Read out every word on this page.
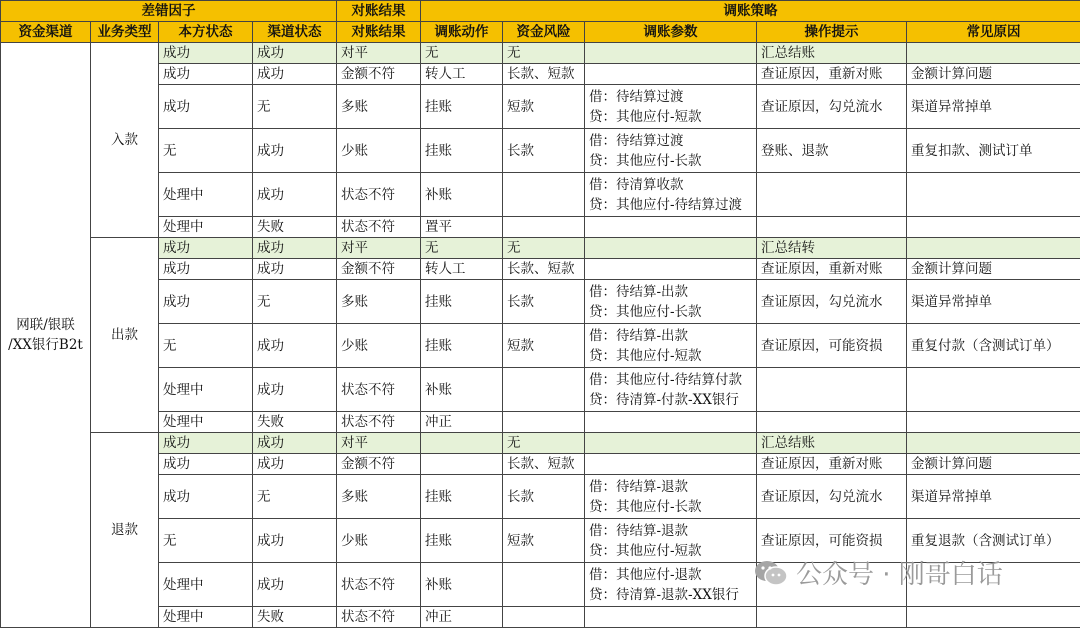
差错因子				对账结果	调账策略				
资金渠道	业务类型	本方状态	渠道状态	对账结果	调账动作	资金风险	调账参数	操作提示	常见原因
网联/银联
/XX银行B2t	入款	成功	成功	对平	无	无		汇总结账	
		成功	成功	金额不符	转人工	长款、短款		查证原因，重新对账	金额计算问题
		成功	无	多账	挂账	短款	借：待结算过渡
贷：其他应付-短款	查证原因，勾兑流水	渠道异常掉单
		无	成功	少账	挂账	长款	借：待结算过渡
贷：其他应付-长款	登账、退款	重复扣款、测试订单
		处理中	成功	状态不符	补账		借：待清算收款
贷：其他应付-待结算过渡		
		处理中	失败	状态不符	置平				
	出款	成功	成功	对平	无	无		汇总结转	
		成功	成功	金额不符	转人工	长款、短款		查证原因，重新对账	金额计算问题
		成功	无	多账	挂账	长款	借：待结算-出款
贷：其他应付-长款	查证原因，勾兑流水	渠道异常掉单
		无	成功	少账	挂账	短款	借：待结算-出款
贷：其他应付-短款	查证原因，可能资损	重复付款（含测试订单）
		处理中	成功	状态不符	补账		借：其他应付-待结算付款
贷：待清算-付款-XX银行		
		处理中	失败	状态不符	冲正				
	退款	成功	成功	对平		无		汇总结账	
		成功	成功	金额不符		长款、短款		查证原因，重新对账	金额计算问题
		成功	无	多账	挂账	长款	借：待结算-退款
贷：其他应付-长款	查证原因，勾兑流水	渠道异常掉单
		无	成功	少账	挂账	短款	借：待结算-退款
贷：其他应付-短款	查证原因，可能资损	重复退款（含测试订单）
		处理中	成功	状态不符	补账		借：其他应付-退款
贷：待清算-退款-XX银行		
		处理中	失败	状态不符	冲正				
公众号 · 刚哥白话
